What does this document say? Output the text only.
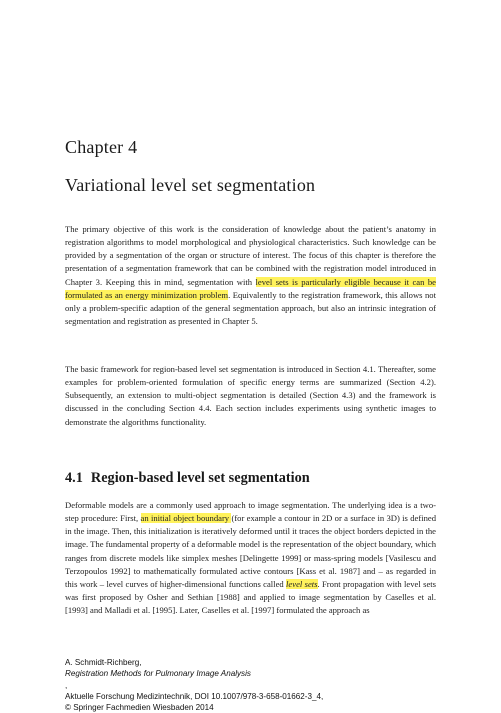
Chapter 4
Variational level set segmentation

The primary objective of this work is the consideration of knowledge about the patient’s anatomy in registration algorithms to model morphological and physiological characteristics. Such knowledge can be provided by a segmentation of the organ or structure of interest. The focus of this chapter is therefore the presentation of a segmentation framework that can be combined with the registration model introduced in Chapter 3. Keeping this in mind, segmentation with level sets is particularly eligible because it can be formulated as an energy minimization problem. Equivalently to the registration framework, this allows not only a problem-specific adaption of the general segmentation approach, but also an intrinsic integration of segmentation and registration as presented in Chapter 5.

The basic framework for region-based level set segmentation is introduced in Section 4.1. Thereafter, some examples for problem-oriented formulation of specific energy terms are summarized (Section 4.2). Subsequently, an extension to multi-object segmentation is detailed (Section 4.3) and the framework is discussed in the concluding Section 4.4. Each section includes experiments using synthetic images to demonstrate the algorithms functionality.

4.1 Region-based level set segmentation

Deformable models are a commonly used approach to image segmentation. The underlying idea is a two-step procedure: First, an initial object boundary (for example a contour in 2D or a surface in 3D) is defined in the image. Then, this initialization is iteratively deformed until it traces the object borders depicted in the image. The fundamental property of a deformable model is the representation of the object boundary, which ranges from discrete models like simplex meshes [Delingette 1999] or mass-spring models [Vasilescu and Terzopoulos 1992] to mathematically formulated active contours [Kass et al. 1987] and – as regarded in this work – level curves of higher-dimensional functions called level sets. Front propagation with level sets was first proposed by Osher and Sethian [1988] and applied to image segmentation by Caselles et al. [1993] and Malladi et al. [1995]. Later, Caselles et al. [1997] formulated the approach as

A. Schmidt-Richberg,
Registration Methods for Pulmonary Image Analysis
,
Aktuelle Forschung Medizintechnik, DOI 10.1007/978-3-658-01662-3_4,
© Springer Fachmedien Wiesbaden 2014
